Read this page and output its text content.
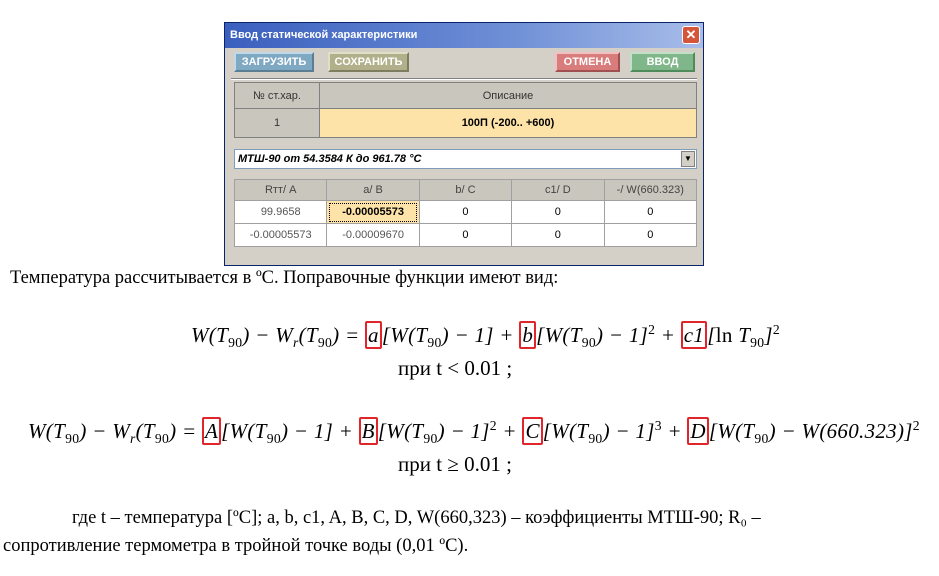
Ввод статической характеристики	✕
ЗАГРУЗИТЬ	СОХРАНИТЬ	ОТМЕНА	ВВОД
№ ст.хар.	Описание
1	100П (-200.. +600)
МТШ-90 от 54.3584 К до 961.78 °С	▼
Rтт/ А	a/ В	b/ C	c1/ D	-/ W(660.323)
99.9658	-0.00005573	0	0	0
-0.00005573	-0.00009670	0	0	0
Температура рассчитывается в ºС. Поправочные функции имеют вид:
$W(T_{90}) - W_r(T_{90}) = a$ $[W(T_{90}) - 1] + b$ $[W(T_{90}) - 1]^2 + c1$ [ln $T_{90}]^2$
при t < 0.01 ;
$W(T_{90}) - W_r(T_{90}) = A$ $[W(T_{90}) - 1] + B$ $[W(T_{90}) - 1]^2 + C$ $[W(T_{90}) - 1]^3 + D$ $[W(T_{90}) - W(660.323)]^2$
при t ≥ 0.01 ;
где t – температура [ºС]; a, b, c1, A, B, C, D, W(660,323) – коэффициенты МТШ-90; R₀ –
сопротивление термометра в тройной точке воды (0,01 ºС).
